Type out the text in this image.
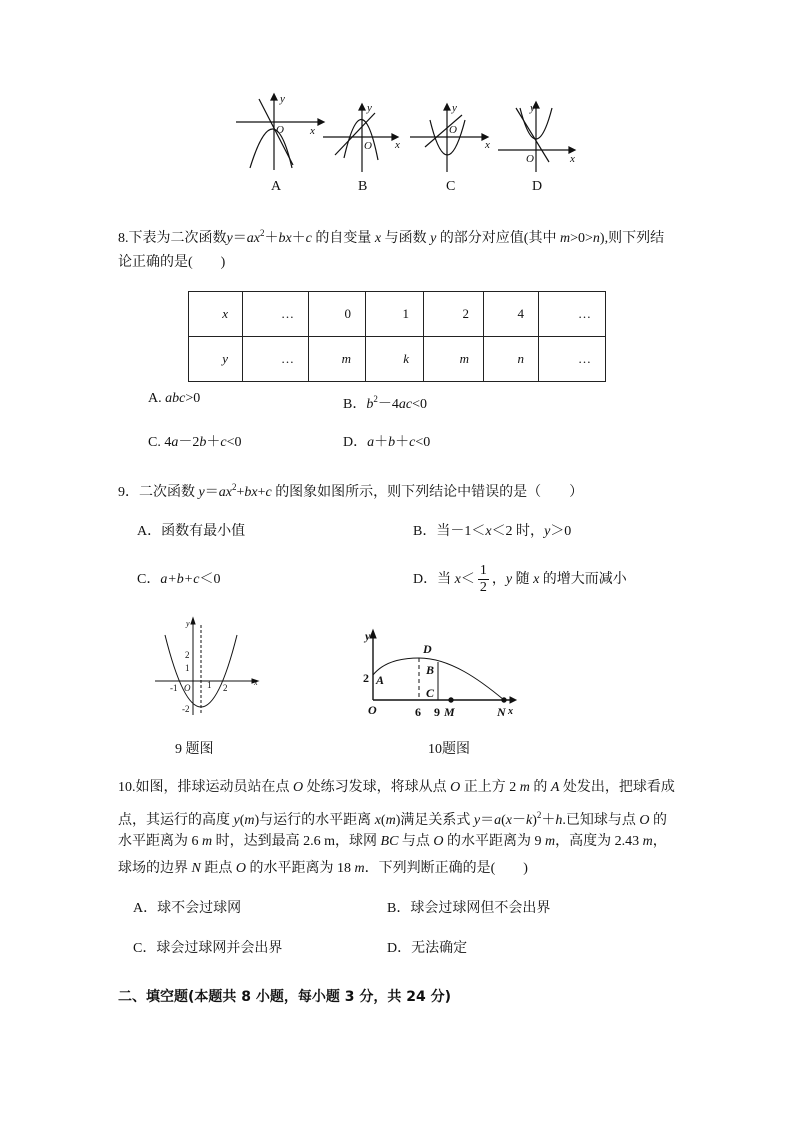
y
x
O
A
y
x
O
B
y
x
O
C
y
x
O
D
y
x
2
1
-1 O 1 2
-2
9 题图
y
D
B
2 A
C
O	6 9 M	N x
10题图
8.下表为二次函数$y=ax^2+bx+c$ 的自变量 x 与函数 y 的部分对应值(其中 m>0>n),则下列结
论正确的是(　　)
x	…	0	1	2	4	…
y	…	m	k	m	n	…
A. abc>0	B．$b^2-4ac<0$
C. 4a－2b＋c<0	D．a＋b＋c<0
9．二次函数 $y=ax^2+bx+c$ 的图象如图所示，则下列结论中错误的是（　　）
A．函数有最小值	B．当－1＜x＜2 时，y＞0
C．a+b+c＜0	D．当 $x< \frac{1}{2}$ ，y 随 x 的增大而减小
10.如图，排球运动员站在点 O 处练习发球，将球从点 O 正上方 2 m 的 A 处发出，把球看成
点，其运行的高度 y(m)与运行的水平距离 x(m)满足关系式 $y=a(x-k)^2+h$.已知球与点 O 的
水平距离为 6 m 时，达到最高 2.6 m，球网 BC 与点 O 的水平距离为 9 m，高度为 2.43 m，
球场的边界 N 距点 O 的水平距离为 18 m．下列判断正确的是(　　)
A．球不会过球网	B．球会过球网但不会出界
C．球会过球网并会出界	D．无法确定
二、填空题(本题共 8 小题，每小题 3 分，共 24 分)
